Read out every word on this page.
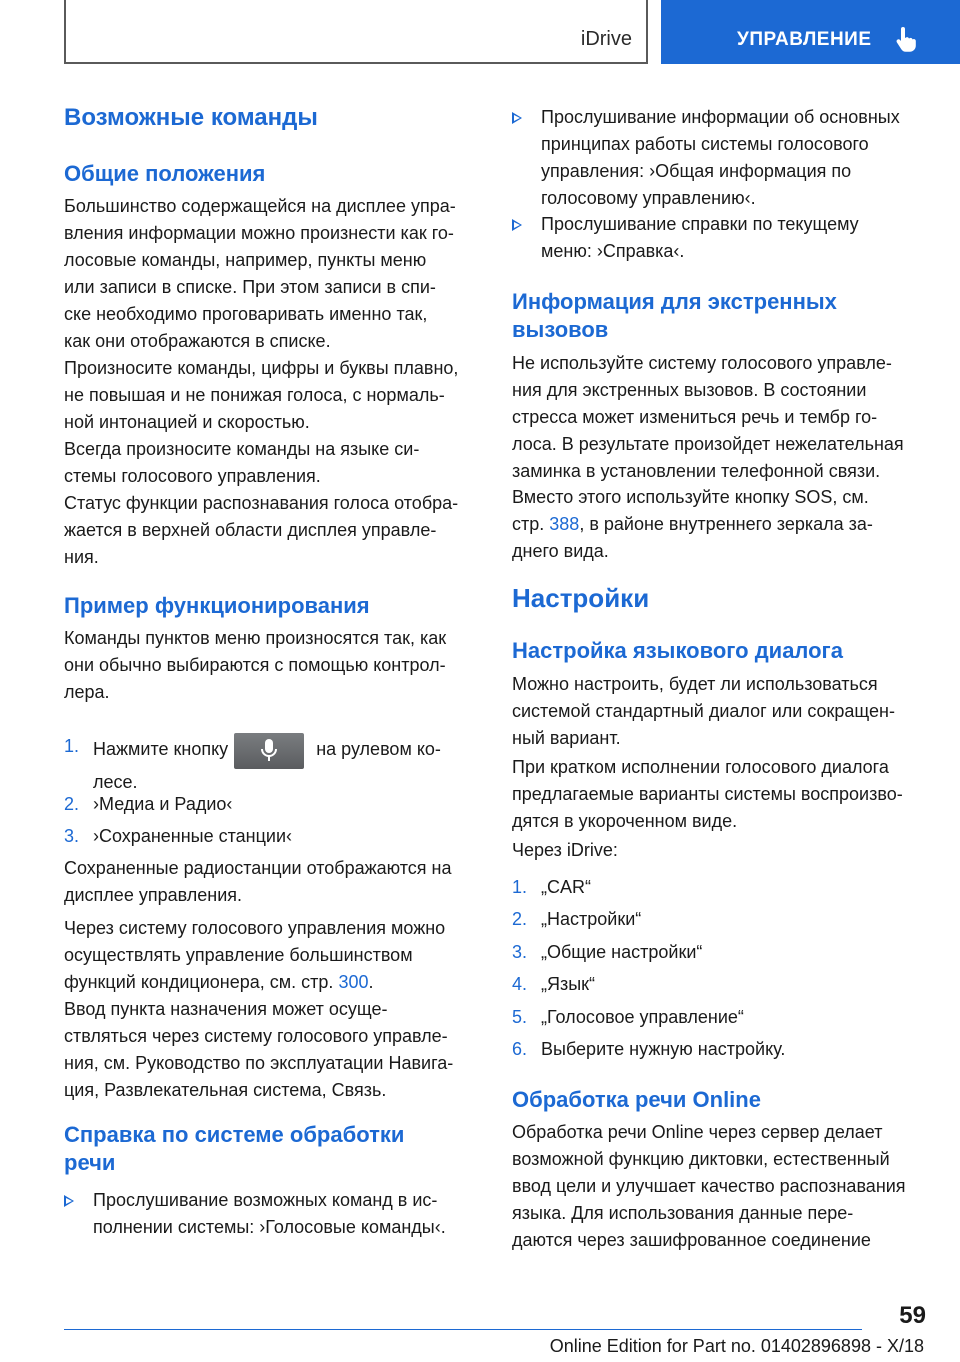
iDrive	УПРАВЛЕНИЕ
Возможные команды
Общие положения
Большинство содержащейся на дисплее упра-
вления информации можно произнести как го-
лосовые команды, например, пункты меню
или записи в списке. При этом записи в спи-
ске необходимо проговаривать именно так,
как они отображаются в списке.
Произносите команды, цифры и буквы плавно,
не повышая и не понижая голоса, с нормаль-
ной интонацией и скоростью.
Всегда произносите команды на языке си-
стемы голосового управления.
Статус функции распознавания голоса отобра-
жается в верхней области дисплея управле-
ния.
Пример функционирования
Команды пунктов меню произносятся так, как
они обычно выбираются с помощью контрол-
лера.
1. Нажмите кнопку	на рулевом ко-
лесе.
2. ›Медиа и Радио‹
3. ›Сохраненные станции‹
Сохраненные радиостанции отображаются на
дисплее управления.
Через систему голосового управления можно
осуществлять управление большинством
функций кондиционера, см. стр. 300.
Ввод пункта назначения может осуще-
ствляться через систему голосового управле-
ния, см. Руководство по эксплуатации Навига-
ция, Развлекательная система, Связь.
Справка по системе обработки
речи
Прослушивание возможных команд в ис-
полнении системы: ›Голосовые команды‹.
Прослушивание информации об основных
принципах работы системы голосового
управления: ›Общая информация по
голосовому управлению‹.
Прослушивание справки по текущему
меню: ›Справка‹.
Информация для экстренных
вызовов
Не используйте систему голосового управле-
ния для экстренных вызовов. В состоянии
стресса может измениться речь и тембр го-
лоса. В результате произойдет нежелательная
заминка в установлении телефонной связи.
Вместо этого используйте кнопку SOS, см.
стр. 388, в районе внутреннего зеркала за-
днего вида.
Настройки
Настройка языкового диалога
Можно настроить, будет ли использоваться
системой стандартный диалог или сокращен-
ный вариант.
При кратком исполнении голосового диалога
предлагаемые варианты системы воспроизво-
дятся в укороченном виде.
Через iDrive:
1. „CAR“
2. „Настройки“
3. „Общие настройки“
4. „Язык“
5. „Голосовое управление“
6. Выберите нужную настройку.
Обработка речи Online
Обработка речи Online через сервер делает
возможной функцию диктовки, естественный
ввод цели и улучшает качество распознавания
языка. Для использования данные пере-
даются через зашифрованное соединение
59
Online Edition for Part no. 01402896898 - X/18
